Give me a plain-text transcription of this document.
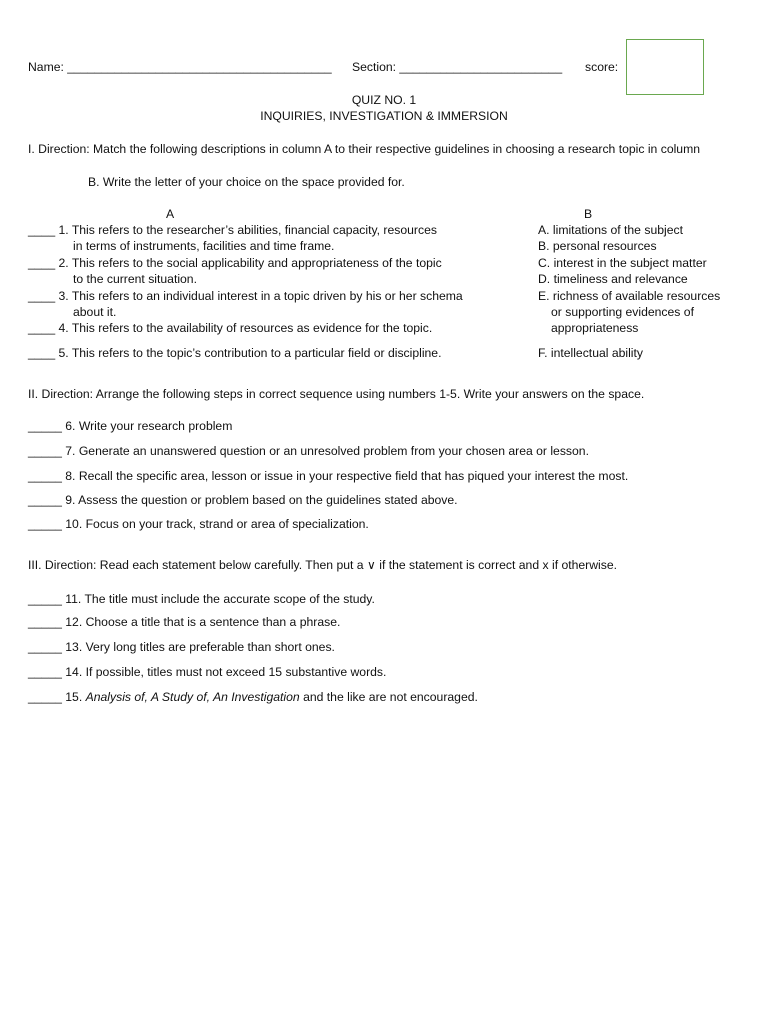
Name: _______________________________________ Section: ________________________ score:
QUIZ NO. 1
INQUIRIES, INVESTIGATION & IMMERSION
I. Direction: Match the following descriptions in column A to their respective guidelines in choosing a research topic in column
B. Write the letter of your choice on the space provided for.
A	B
____ 1. This refers to the researcher’s abilities, financial capacity, resources
in terms of instruments, facilities and time frame.
____ 2. This refers to the social applicability and appropriateness of the topic
to the current situation.
____ 3. This refers to an individual interest in a topic driven by his or her schema
about it.
____ 4. This refers to the availability of resources as evidence for the topic.
____ 5. This refers to the topic’s contribution to a particular field or discipline.
A. limitations of the subject
B. personal resources
C. interest in the subject matter
D. timeliness and relevance
E. richness of available resources
or supporting evidences of
appropriateness
F. intellectual ability
II. Direction: Arrange the following steps in correct sequence using numbers 1-5. Write your answers on the space.
_____ 6. Write your research problem
_____ 7. Generate an unanswered question or an unresolved problem from your chosen area or lesson.
_____ 8. Recall the specific area, lesson or issue in your respective field that has piqued your interest the most.
_____ 9. Assess the question or problem based on the guidelines stated above.
_____ 10. Focus on your track, strand or area of specialization.
III. Direction: Read each statement below carefully. Then put a ∨ if the statement is correct and x if otherwise.
_____ 11. The title must include the accurate scope of the study.
_____ 12. Choose a title that is a sentence than a phrase.
_____ 13. Very long titles are preferable than short ones.
_____ 14. If possible, titles must not exceed 15 substantive words.
_____ 15. Analysis of, A Study of, An Investigation and the like are not encouraged.
